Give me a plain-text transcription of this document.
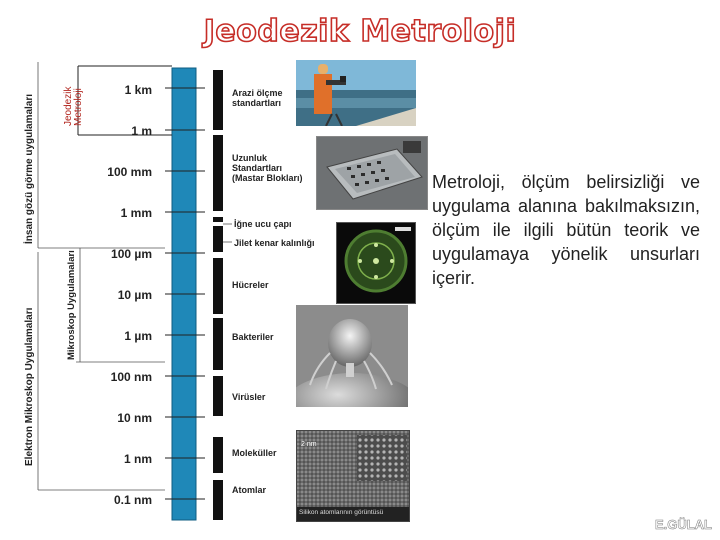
Jeodezik Metroloji
İnsan gözü görme uygulamaları
Mikroskop Uygulamaları
Elektron Mikroskop Uygulamaları
Jeodezik Metroloji	1 km
1 m
100 mm
1 mm
100 µm
10 µm
1 µm
100 nm
10 nm
1 nm
0.1 nm
Arazi ölçme standartları
Uzunluk Standartları (Mastar Blokları)
İğne ucu çapı
Jilet kenar kalınlığı
Hücreler
Bakteriler
Virüsler
Moleküller
Atomlar
2 nm
Silikon atomlarının görüntüsü
Metroloji, ölçüm belirsizliği ve uygulama alanına bakılmaksızın, ölçüm ile ilgili bütün teorik ve uygulamaya yönelik unsurları içerir.
E.GÜLAL
